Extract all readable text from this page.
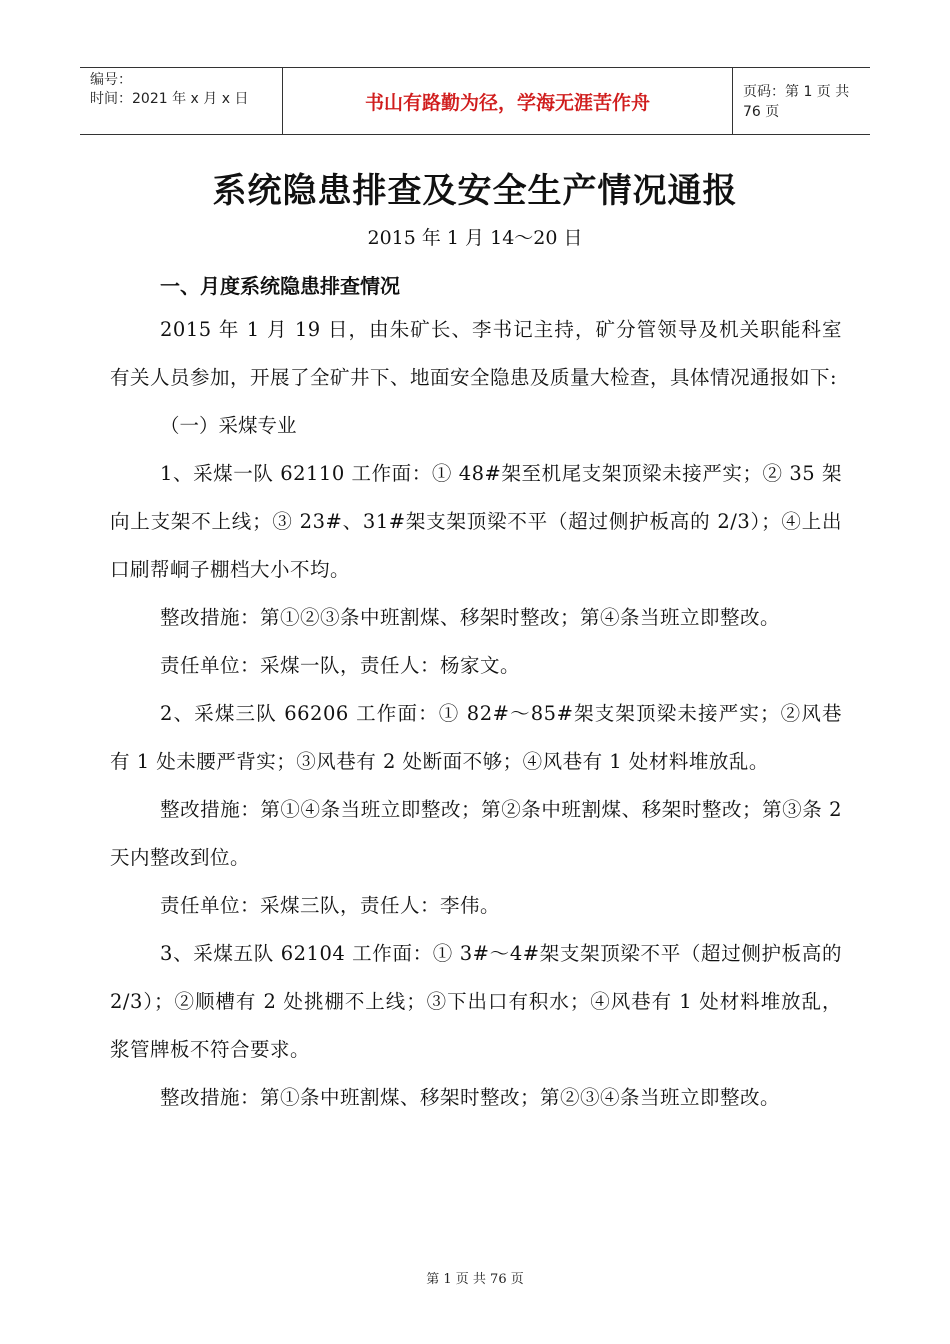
编号：
时间：2021 年 x 月 x 日	书山有路勤为径，学海无涯苦作舟	页码：第 1 页 共 76 页
系统隐患排查及安全生产情况通报
2015 年 1 月 14～20 日
一、月度系统隐患排查情况

2015 年 1 月 19 日，由朱矿长、李书记主持，矿分管领导及机关职能科室有关人员参加，开展了全矿井下、地面安全隐患及质量大检查，具体情况通报如下:

（一）采煤专业

1、采煤一队 62110 工作面：① 48#架至机尾支架顶梁未接严实；② 35 架向上支架不上线；③ 23#、31#架支架顶梁不平（超过侧护板高的 2/3）；④上出口刷帮峒子棚档大小不均。

整改措施：第①②③条中班割煤、移架时整改；第④条当班立即整改。

责任单位：采煤一队，责任人：杨家文。

2、采煤三队 66206 工作面：① 82#～85#架支架顶梁未接严实；②风巷有 1 处未腰严背实；③风巷有 2 处断面不够；④风巷有 1 处材料堆放乱。

整改措施：第①④条当班立即整改；第②条中班割煤、移架时整改；第③条 2 天内整改到位。

责任单位：采煤三队，责任人：李伟。

3、采煤五队 62104 工作面：① 3#～4#架支架顶梁不平（超过侧护板高的 2/3）；②顺槽有 2 处挑棚不上线；③下出口有积水；④风巷有 1 处材料堆放乱，浆管牌板不符合要求。

整改措施：第①条中班割煤、移架时整改；第②③④条当班立即整改。

第 1 页 共 76 页
